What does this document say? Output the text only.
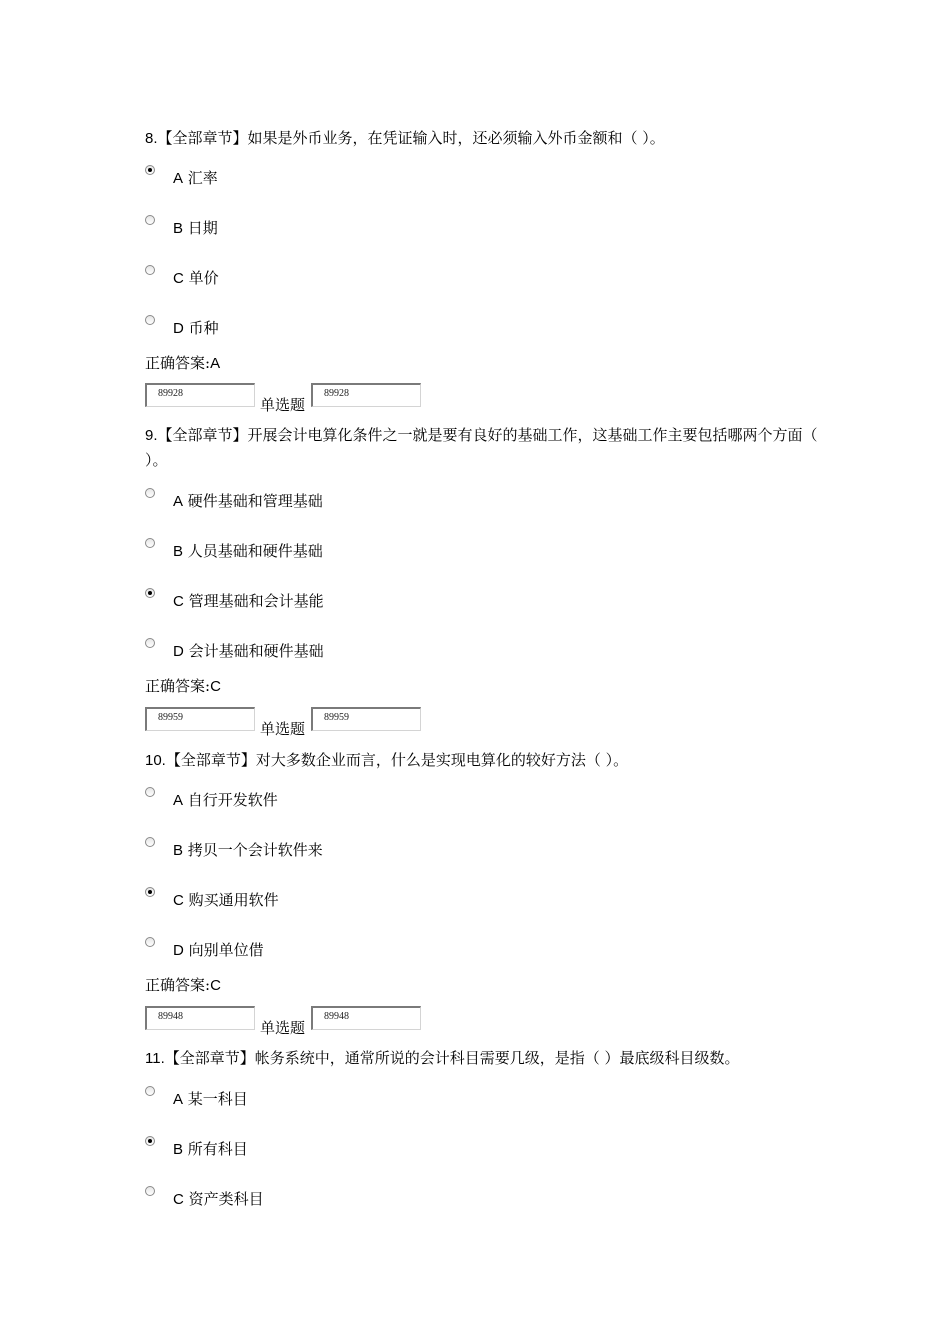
8.【全部章节】如果是外币业务，在凭证输入时，还必须输入外币金额和（ ）。
A 汇率
B 日期
C 单价
D 币种
正确答案:A
89928
单选题
89928
9.【全部章节】开展会计电算化条件之一就是要有良好的基础工作，这基础工作主要包括哪两个方面（ ）。
A 硬件基础和管理基础
B 人员基础和硬件基础
C 管理基础和会计基能
D 会计基础和硬件基础
正确答案:C
89959
单选题
89959
10.【全部章节】对大多数企业而言，什么是实现电算化的较好方法（ ）。
A 自行开发软件
B 拷贝一个会计软件来
C 购买通用软件
D 向别单位借
正确答案:C
89948
单选题
89948
11.【全部章节】帐务系统中，通常所说的会计科目需要几级，是指（ ）最底级科目级数。
A 某一科目
B 所有科目
C 资产类科目
